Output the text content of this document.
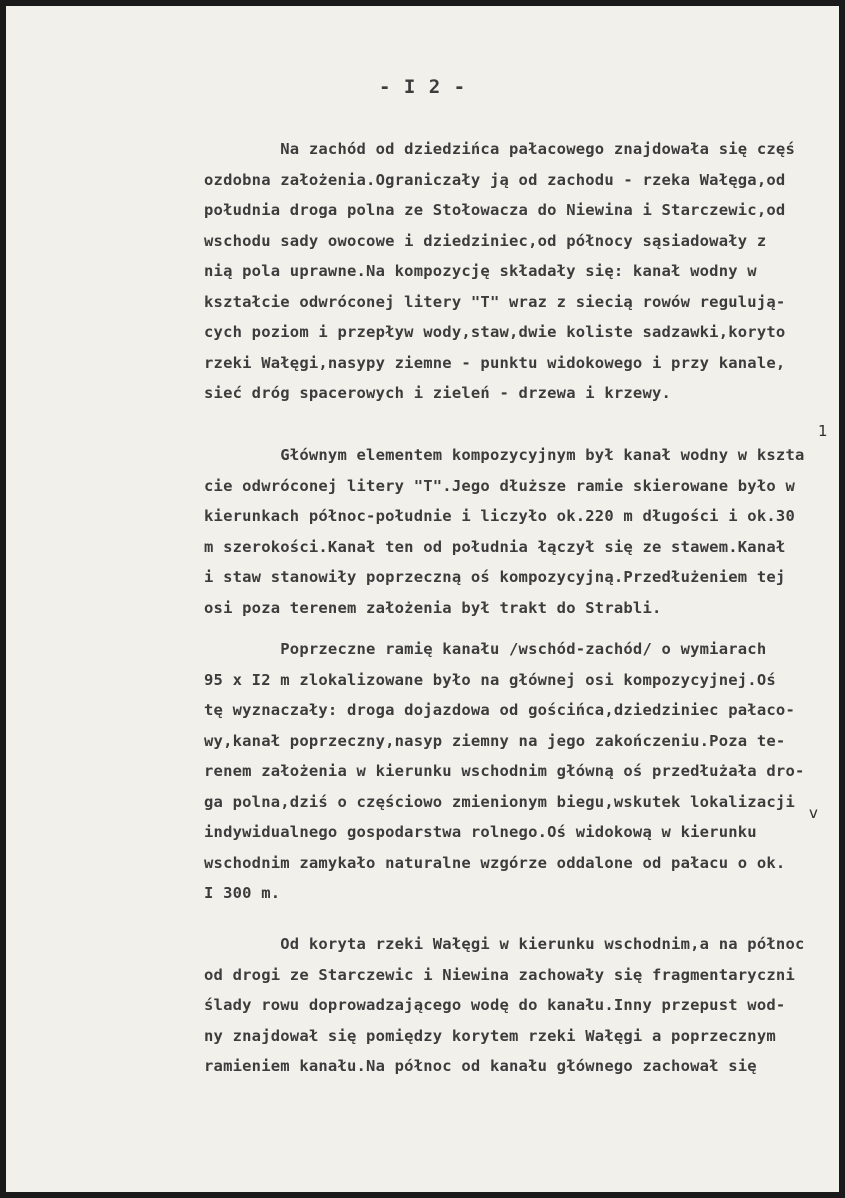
- I 2 -
Na zachód od dziedzińca pałacowego znajdowała się częś
ozdobna założenia.Ograniczały ją od zachodu - rzeka Wałęga,od
południa droga polna ze Stołowacza do Niewina i Starczewic,od
wschodu sady owocowe i dziedziniec,od północy sąsiadowały z
nią pola uprawne.Na kompozycję składały się: kanał wodny w
kształcie odwróconej litery "T" wraz z siecią rowów regulują-
cych poziom i przepływ wody,staw,dwie koliste sadzawki,koryto
rzeki Wałęgi,nasypy ziemne - punktu widokowego i przy kanale,
sieć dróg spacerowych i zieleń - drzewa i krzewy.
Głównym elementem kompozycyjnym był kanał wodny w kszta
cie odwróconej litery "T".Jego dłuższe ramie skierowane było w
kierunkach północ-południe i liczyło ok.220 m długości i ok.30
m szerokości.Kanał ten od południa łączył się ze stawem.Kanał
i staw stanowiły poprzeczną oś kompozycyjną.Przedłużeniem tej
osi poza terenem założenia był trakt do Strabli.
Poprzeczne ramię kanału /wschód-zachód/ o wymiarach
95 x I2 m zlokalizowane było na głównej osi kompozycyjnej.Oś
tę wyznaczały: droga dojazdowa od gościńca,dziedziniec pałaco-
wy,kanał poprzeczny,nasyp ziemny na jego zakończeniu.Poza te-
renem założenia w kierunku wschodnim główną oś przedłużała dro-
ga polna,dziś o częściowo zmienionym biegu,wskutek lokalizacji
indywidualnego gospodarstwa rolnego.Oś widokową w kierunku
wschodnim zamykało naturalne wzgórze oddalone od pałacu o ok.
I 300 m.
Od koryta rzeki Wałęgi w kierunku wschodnim,a na północ
od drogi ze Starczewic i Niewina zachowały się fragmentaryczni
ślady rowu doprowadzającego wodę do kanału.Inny przepust wod-
ny znajdował się pomiędzy korytem rzeki Wałęgi a poprzecznym
ramieniem kanału.Na północ od kanału głównego zachował się
1
v
